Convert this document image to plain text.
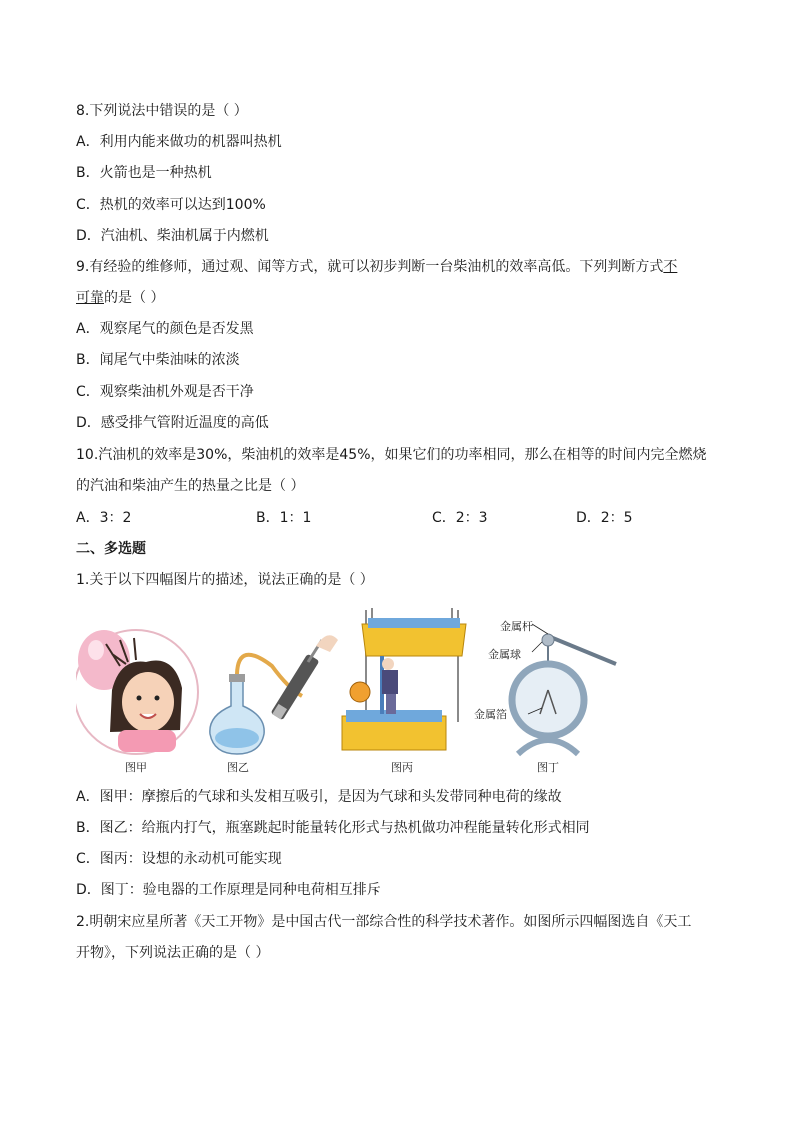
8.下列说法中错误的是（ ）
A．利用内能来做功的机器叫热机
B．火箭也是一种热机
C．热机的效率可以达到100%
D．汽油机、柴油机属于内燃机
9.有经验的维修师，通过观、闻等方式，就可以初步判断一台柴油机的效率高低。下列判断方式不
可靠的是（ ）
A．观察尾气的颜色是否发黑
B．闻尾气中柴油味的浓淡
C．观察柴油机外观是否干净
D．感受排气管附近温度的高低
10.汽油机的效率是30%，柴油机的效率是45%，如果它们的功率相同，那么在相等的时间内完全燃烧
的汽油和柴油产生的热量之比是（ ）
A．3：2	B．1：1	C．2：3	D．2：5
二、多选题
1.关于以下四幅图片的描述，说法正确的是（ ）
图甲	图乙	图丙
金属杆
金属球
金属箔
图丁
A．图甲：摩擦后的气球和头发相互吸引，是因为气球和头发带同种电荷的缘故
B．图乙：给瓶内打气，瓶塞跳起时能量转化形式与热机做功冲程能量转化形式相同
C．图丙：设想的永动机可能实现
D．图丁：验电器的工作原理是同种电荷相互排斥
2.明朝宋应星所著《天工开物》是中国古代一部综合性的科学技术著作。如图所示四幅图选自《天工
开物》，下列说法正确的是（ ）
